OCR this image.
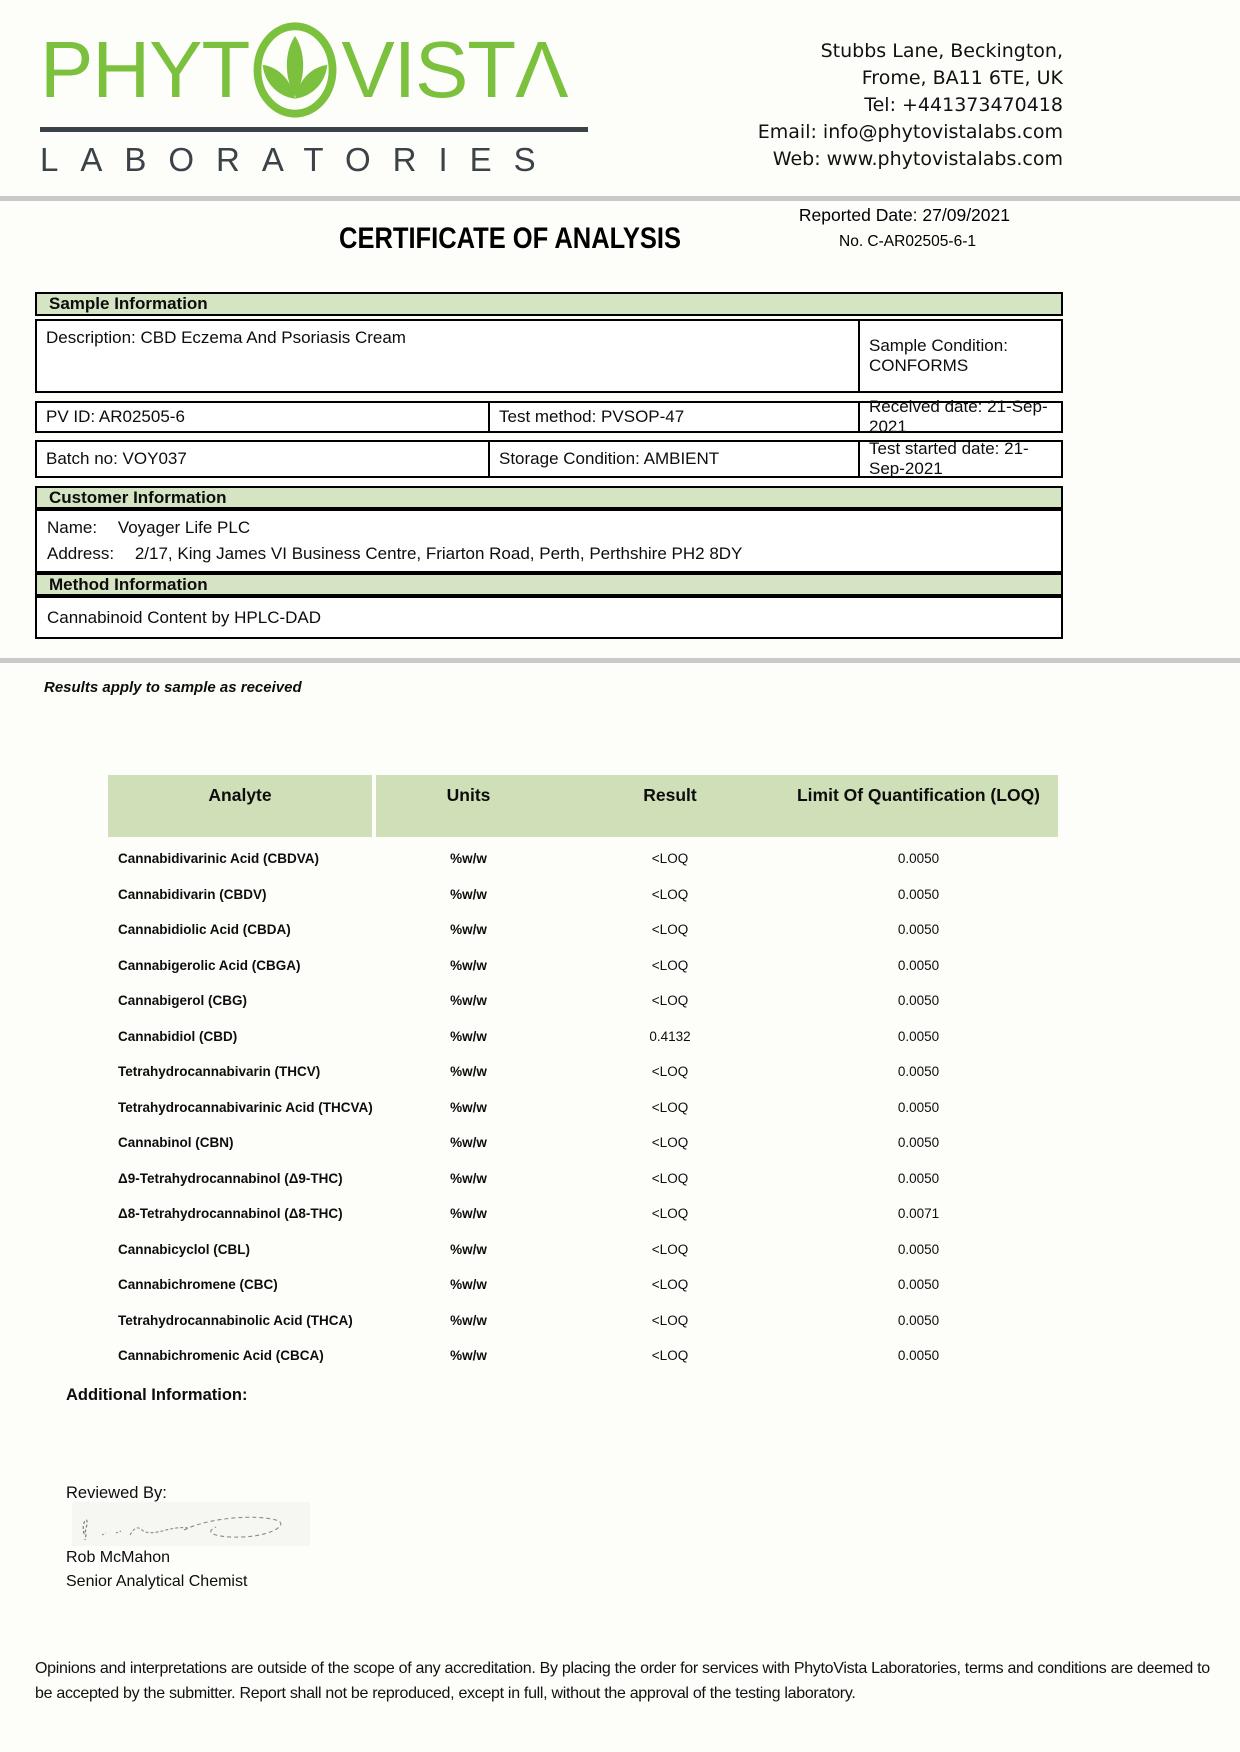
PHYT VIST Λ
LABORATORIES
Stubbs Lane, Beckington,
Frome, BA11 6TE, UK
Tel: +441373470418
Email: info@phytovistalabs.com
Web: www.phytovistalabs.com
Reported Date: 27/09/2021
No. C-AR02505-6-1
CERTIFICATE OF ANALYSIS
Sample Information
Description: CBD Eczema And Psoriasis Cream	Sample Condition: CONFORMS
PV ID: AR02505-6	Test method: PVSOP-47
Received date: 21-Sep-2021
Batch no: VOY037	Storage Condition: AMBIENT
Test started date: 21-Sep-2021
Customer Information
Name: Voyager Life PLC
Address: 2/17, King James VI Business Centre, Friarton Road, Perth, Perthshire PH2 8DY
Method Information
Cannabinoid Content by HPLC-DAD
Results apply to sample as received
Analyte	Units	Result	Limit Of Quantification (LOQ)
Cannabidivarinic Acid (CBDVA)	%w/w	<LOQ	0.0050
Cannabidivarin (CBDV)	%w/w	<LOQ	0.0050
Cannabidiolic Acid (CBDA)	%w/w	<LOQ	0.0050
Cannabigerolic Acid (CBGA)	%w/w	<LOQ	0.0050
Cannabigerol (CBG)	%w/w	<LOQ	0.0050
Cannabidiol (CBD)	%w/w	0.4132	0.0050
Tetrahydrocannabivarin (THCV)	%w/w	<LOQ	0.0050
Tetrahydrocannabivarinic Acid (THCVA)	%w/w	<LOQ	0.0050
Cannabinol (CBN)	%w/w	<LOQ	0.0050
Δ9-Tetrahydrocannabinol (Δ9-THC)	%w/w	<LOQ	0.0050
Δ8-Tetrahydrocannabinol (Δ8-THC)	%w/w	<LOQ	0.0071
Cannabicyclol (CBL)	%w/w	<LOQ	0.0050
Cannabichromene (CBC)	%w/w	<LOQ	0.0050
Tetrahydrocannabinolic Acid (THCA)	%w/w	<LOQ	0.0050
Cannabichromenic Acid (CBCA)	%w/w	<LOQ	0.0050
Additional Information:
Reviewed By:
Rob McMahon
Senior Analytical Chemist
Opinions and interpretations are outside of the scope of any accreditation. By placing the order for services with PhytoVista Laboratories, terms and conditions are deemed to be accepted by the submitter. Report shall not be reproduced, except in full, without the approval of the testing laboratory.
